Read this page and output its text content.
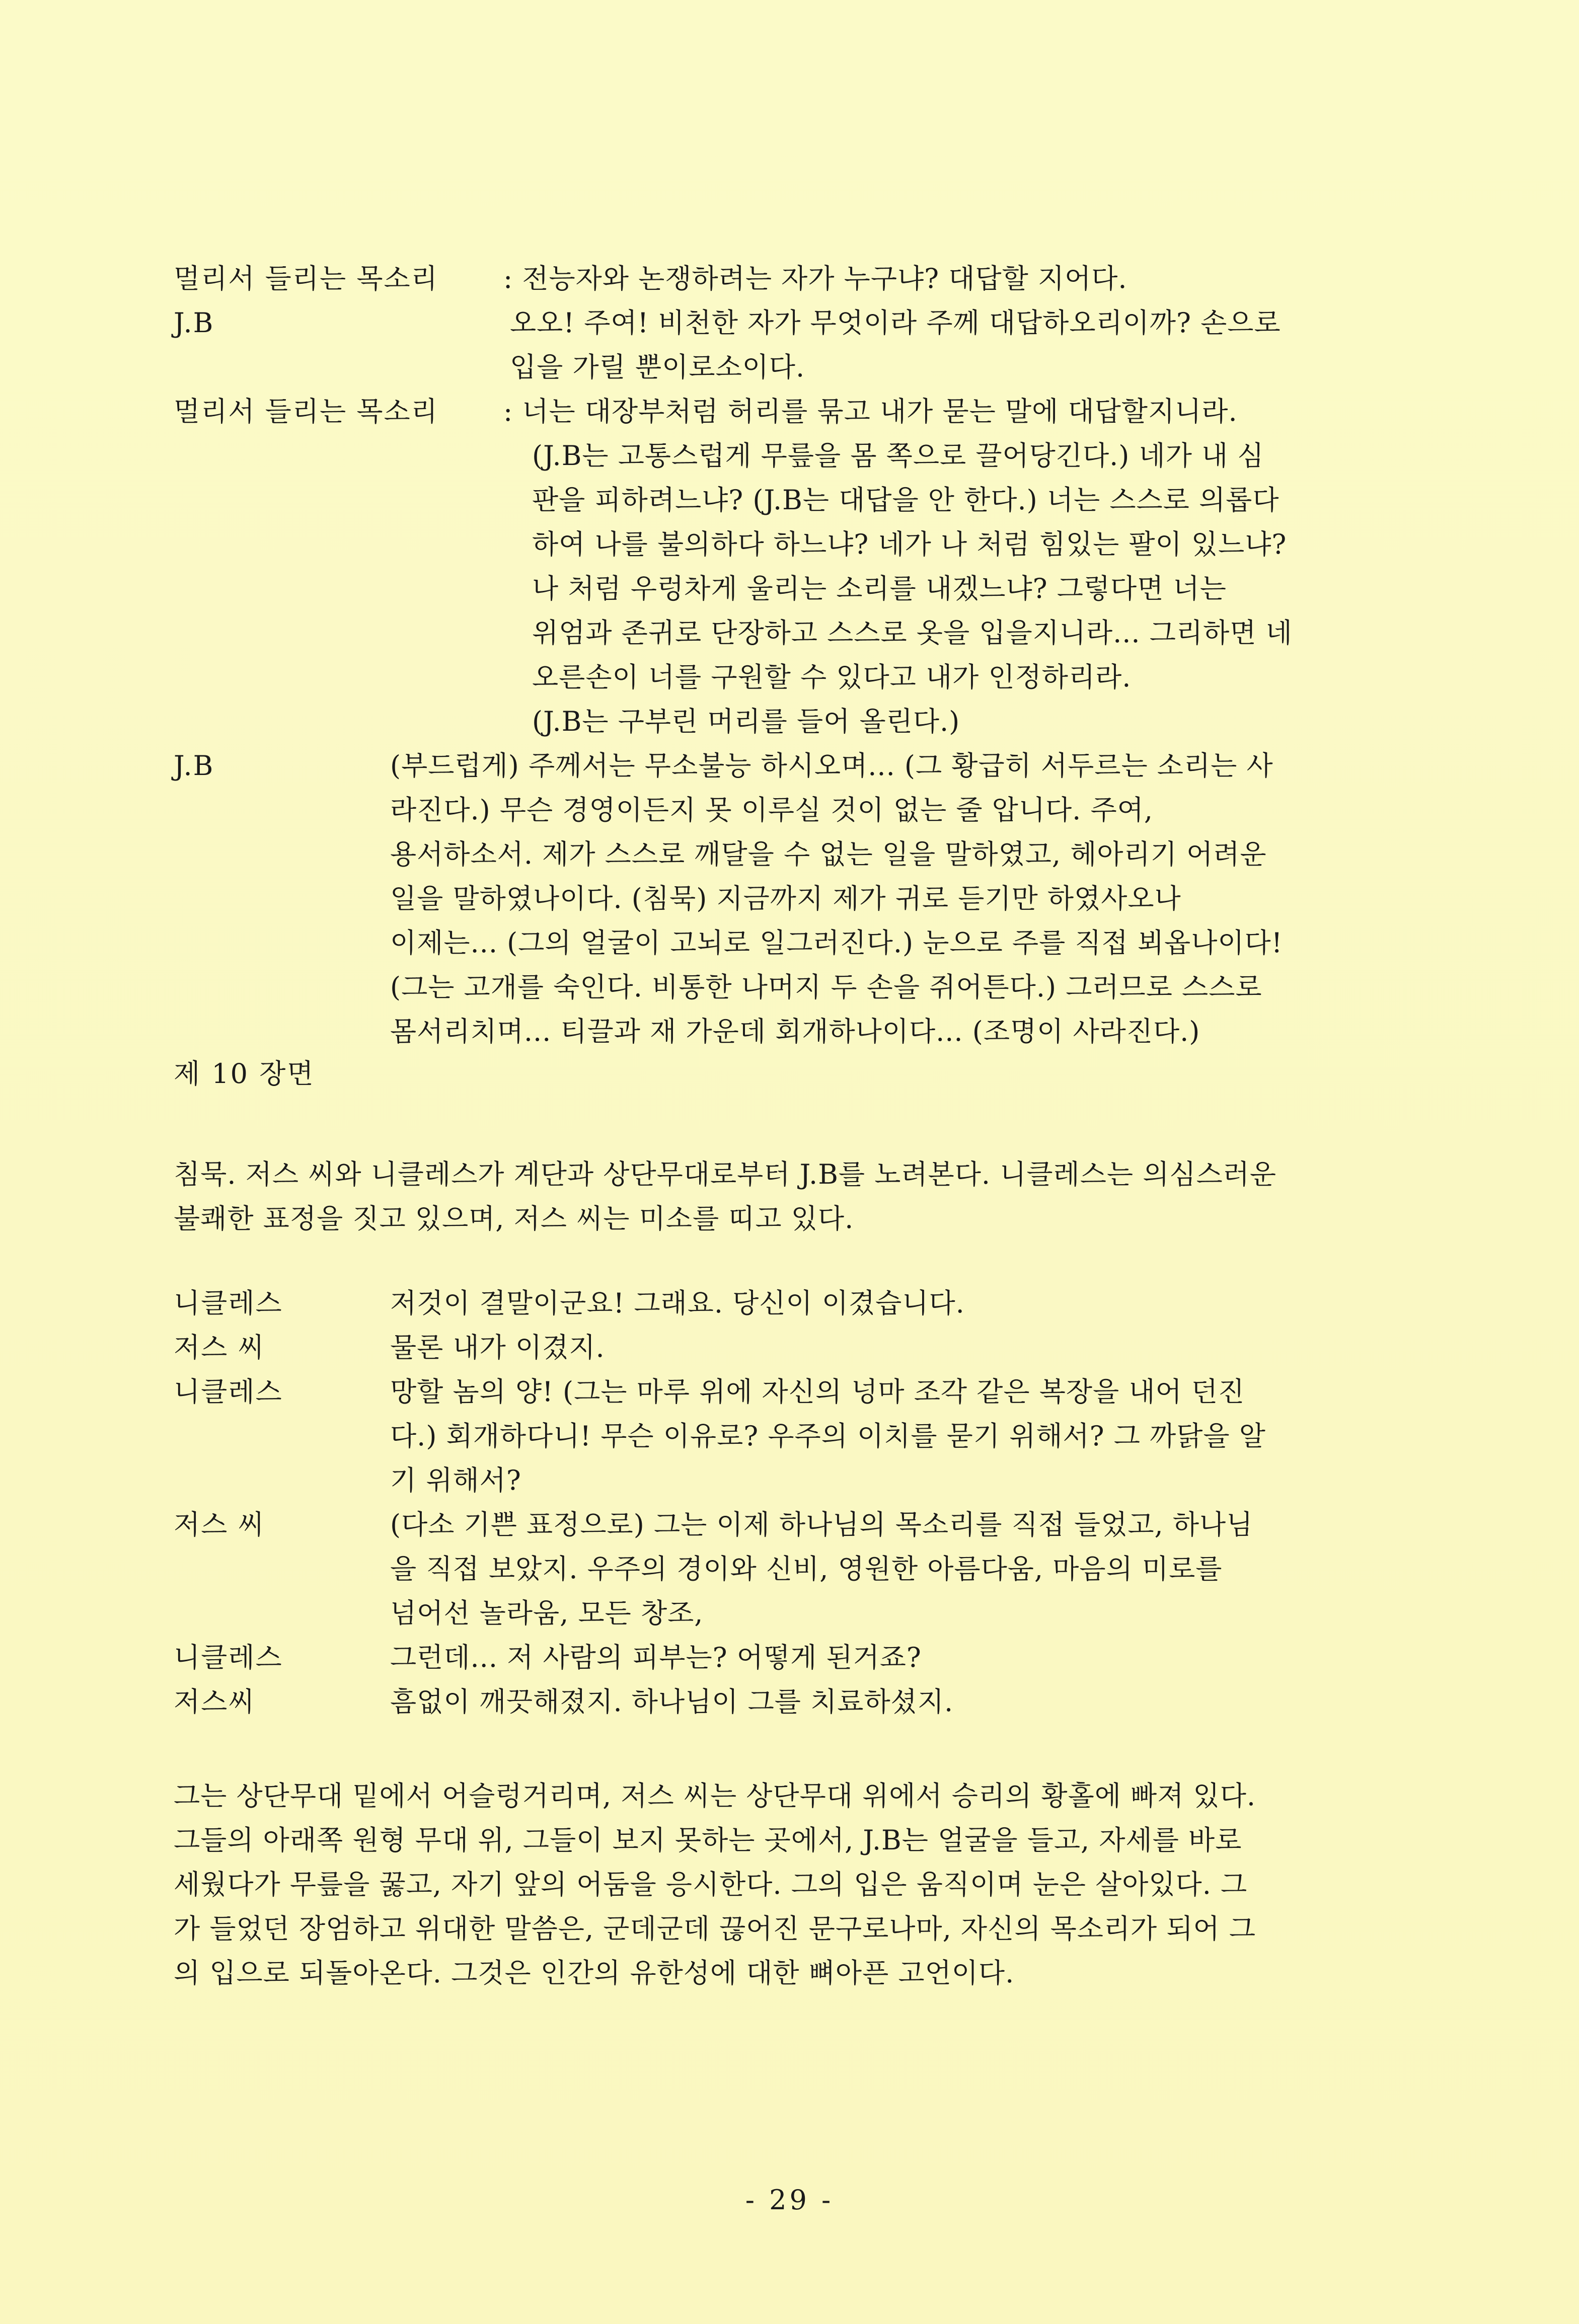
멀리서 들리는 목소리 : 전능자와 논쟁하려는 자가 누구냐? 대답할 지어다.
J.B	오오! 주여! 비천한 자가 무엇이라 주께 대답하오리이까? 손으로
입을 가릴 뿐이로소이다.
멀리서 들리는 목소리 : 너는 대장부처럼 허리를 묶고 내가 묻는 말에 대답할지니라.
(J.B는 고통스럽게 무릎을 몸 쪽으로 끌어당긴다.) 네가 내 심
판을 피하려느냐? (J.B는 대답을 안 한다.) 너는 스스로 의롭다
하여 나를 불의하다 하느냐? 네가 나 처럼 힘있는 팔이 있느냐?
나 처럼 우렁차게 울리는 소리를 내겠느냐? 그렇다면 너는
위엄과 존귀로 단장하고 스스로 옷을 입을지니라... 그리하면 네
오른손이 너를 구원할 수 있다고 내가 인정하리라.
(J.B는 구부린 머리를 들어 올린다.)
J.B	(부드럽게) 주께서는 무소불능 하시오며... (그 황급히 서두르는 소리는 사
라진다.) 무슨 경영이든지 못 이루실 것이 없는 줄 압니다. 주여,
용서하소서. 제가 스스로 깨달을 수 없는 일을 말하였고, 헤아리기 어려운
일을 말하였나이다. (침묵) 지금까지 제가 귀로 듣기만 하였사오나
이제는... (그의 얼굴이 고뇌로 일그러진다.) 눈으로 주를 직접 뵈옵나이다!
(그는 고개를 숙인다. 비통한 나머지 두 손을 쥐어튼다.) 그러므로 스스로
몸서리치며... 티끌과 재 가운데 회개하나이다... (조명이 사라진다.)
제 10 장면
침묵. 저스 씨와 니클레스가 계단과 상단무대로부터 J.B를 노려본다. 니클레스는 의심스러운
불쾌한 표정을 짓고 있으며, 저스 씨는 미소를 띠고 있다.
니클레스	저것이 결말이군요! 그래요. 당신이 이겼습니다.
저스 씨	물론 내가 이겼지.
니클레스	망할 놈의 양! (그는 마루 위에 자신의 넝마 조각 같은 복장을 내어 던진
다.) 회개하다니! 무슨 이유로? 우주의 이치를 묻기 위해서? 그 까닭을 알
기 위해서?
저스 씨	(다소 기쁜 표정으로) 그는 이제 하나님의 목소리를 직접 들었고, 하나님
을 직접 보았지. 우주의 경이와 신비, 영원한 아름다움, 마음의 미로를
넘어선 놀라움, 모든 창조,
니클레스	그런데... 저 사람의 피부는? 어떻게 된거죠?
저스씨	흠없이 깨끗해졌지. 하나님이 그를 치료하셨지.
그는 상단무대 밑에서 어슬렁거리며, 저스 씨는 상단무대 위에서 승리의 황홀에 빠져 있다.
그들의 아래쪽 원형 무대 위, 그들이 보지 못하는 곳에서, J.B는 얼굴을 들고, 자세를 바로
세웠다가 무릎을 꿇고, 자기 앞의 어둠을 응시한다. 그의 입은 움직이며 눈은 살아있다. 그
가 들었던 장엄하고 위대한 말씀은, 군데군데 끊어진 문구로나마, 자신의 목소리가 되어 그
의 입으로 되돌아온다. 그것은 인간의 유한성에 대한 뼈아픈 고언이다.
- 29 -
